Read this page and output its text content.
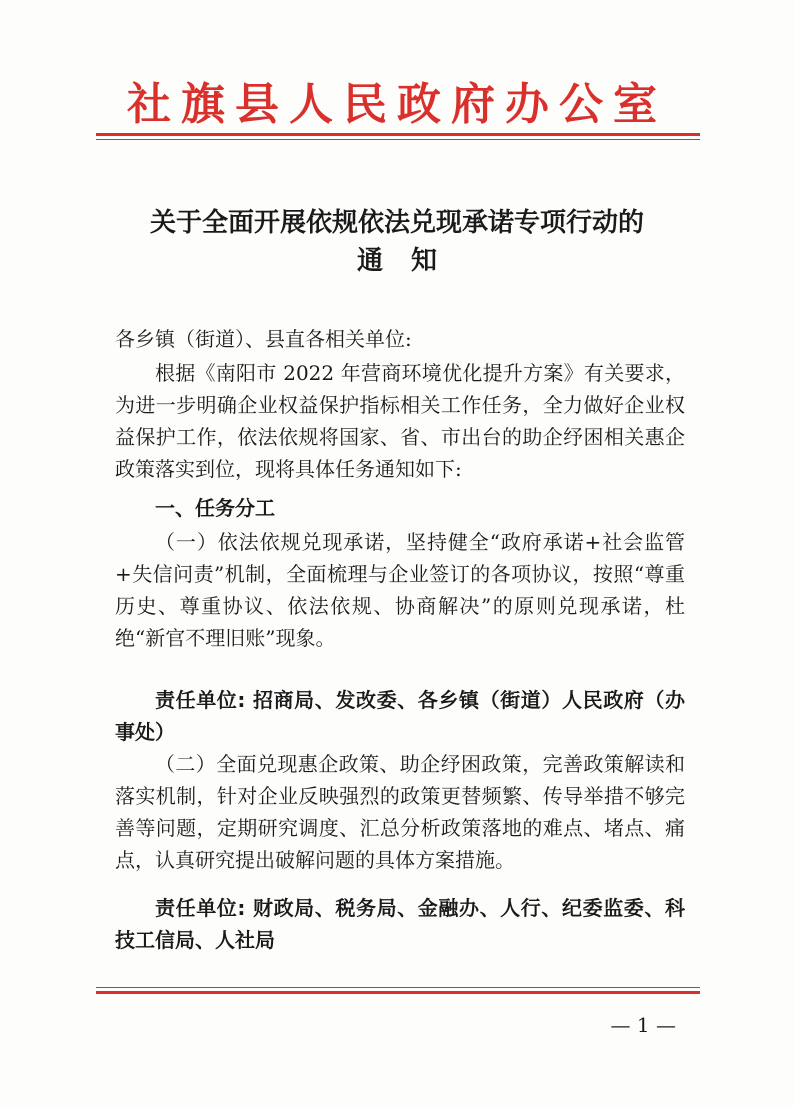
社旗县人民政府办公室
关于全面开展依规依法兑现承诺专项行动的
通知
各乡镇（街道）、县直各相关单位:
根据《南阳市 2022 年营商环境优化提升方案》有关要求，为进一步明确企业权益保护指标相关工作任务，全力做好企业权益保护工作，依法依规将国家、省、市出台的助企纾困相关惠企政策落实到位，现将具体任务通知如下:
一、任务分工
（一）依法依规兑现承诺，坚持健全“政府承诺+社会监管+失信问责”机制，全面梳理与企业签订的各项协议，按照“尊重历史、尊重协议、依法依规、协商解决”的原则兑现承诺，杜绝“新官不理旧账”现象。
责任单位: 招商局、发改委、各乡镇（街道）人民政府（办事处）
（二）全面兑现惠企政策、助企纾困政策，完善政策解读和落实机制，针对企业反映强烈的政策更替频繁、传导举措不够完善等问题，定期研究调度、汇总分析政策落地的难点、堵点、痛点，认真研究提出破解问题的具体方案措施。
责任单位: 财政局、税务局、金融办、人行、纪委监委、科技工信局、人社局
— 1 —
